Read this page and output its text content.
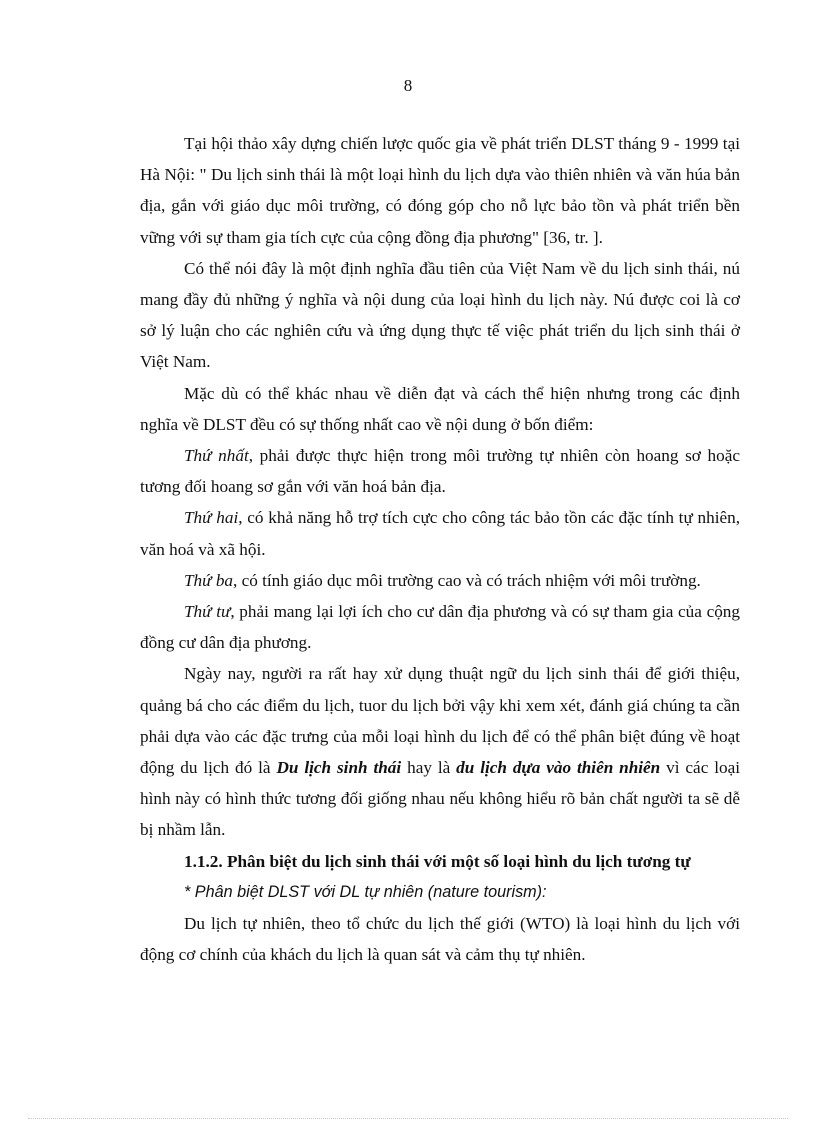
8

Tại hội thảo xây dựng chiến lược quốc gia về phát triển DLST tháng 9 - 1999 tại Hà Nội: " Du lịch sinh thái là một loại hình du lịch dựa vào thiên nhiên và văn húa bản địa, gắn với giáo dục môi trường, có đóng góp cho nỗ lực bảo tồn và phát triển bền vững với sự tham gia tích cực của cộng đồng địa phương" [36, tr. ].

Có thể nói đây là một định nghĩa đầu tiên của Việt Nam về du lịch sinh thái, nú mang đầy đủ những ý nghĩa và nội dung của loại hình du lịch này. Nú được coi là cơ sở lý luận cho các nghiên cứu và ứng dụng thực tế việc phát triển du lịch sinh thái ở Việt Nam.

Mặc dù có thể khác nhau về diễn đạt và cách thể hiện nhưng trong các định nghĩa về DLST đều có sự thống nhất cao về nội dung ở bốn điểm:

Thứ nhất, phải được thực hiện trong môi trường tự nhiên còn hoang sơ hoặc tương đối hoang sơ gắn với văn hoá bản địa.

Thứ hai, có khả năng hỗ trợ tích cực cho công tác bảo tồn các đặc tính tự nhiên, văn hoá và xã hội.

Thứ ba, có tính giáo dục môi trường cao và có trách nhiệm với môi trường.

Thứ tư, phải mang lại lợi ích cho cư dân địa phương và có sự tham gia của cộng đồng cư dân địa phương.

Ngày nay, người ra rất hay xử dụng thuật ngữ du lịch sinh thái để giới thiệu, quảng bá cho các điểm du lịch, tuor du lịch bởi vậy khi xem xét, đánh giá chúng ta cần phải dựa vào các đặc trưng của mỗi loại hình du lịch để có thể phân biệt đúng về hoạt động du lịch đó là Du lịch sinh thái hay là du lịch dựa vào thiên nhiên vì các loại hình này có hình thức tương đối giống nhau nếu không hiểu rõ bản chất người ta sẽ dễ bị nhầm lẫn.

1.1.2. Phân biệt du lịch sinh thái với một số loại hình du lịch tương tự

* Phân biệt DLST với DL tự nhiên (nature tourism):

Du lịch tự nhiên, theo tổ chức du lịch thế giới (WTO) là loại hình du lịch với động cơ chính của khách du lịch là quan sát và cảm thụ tự nhiên.
